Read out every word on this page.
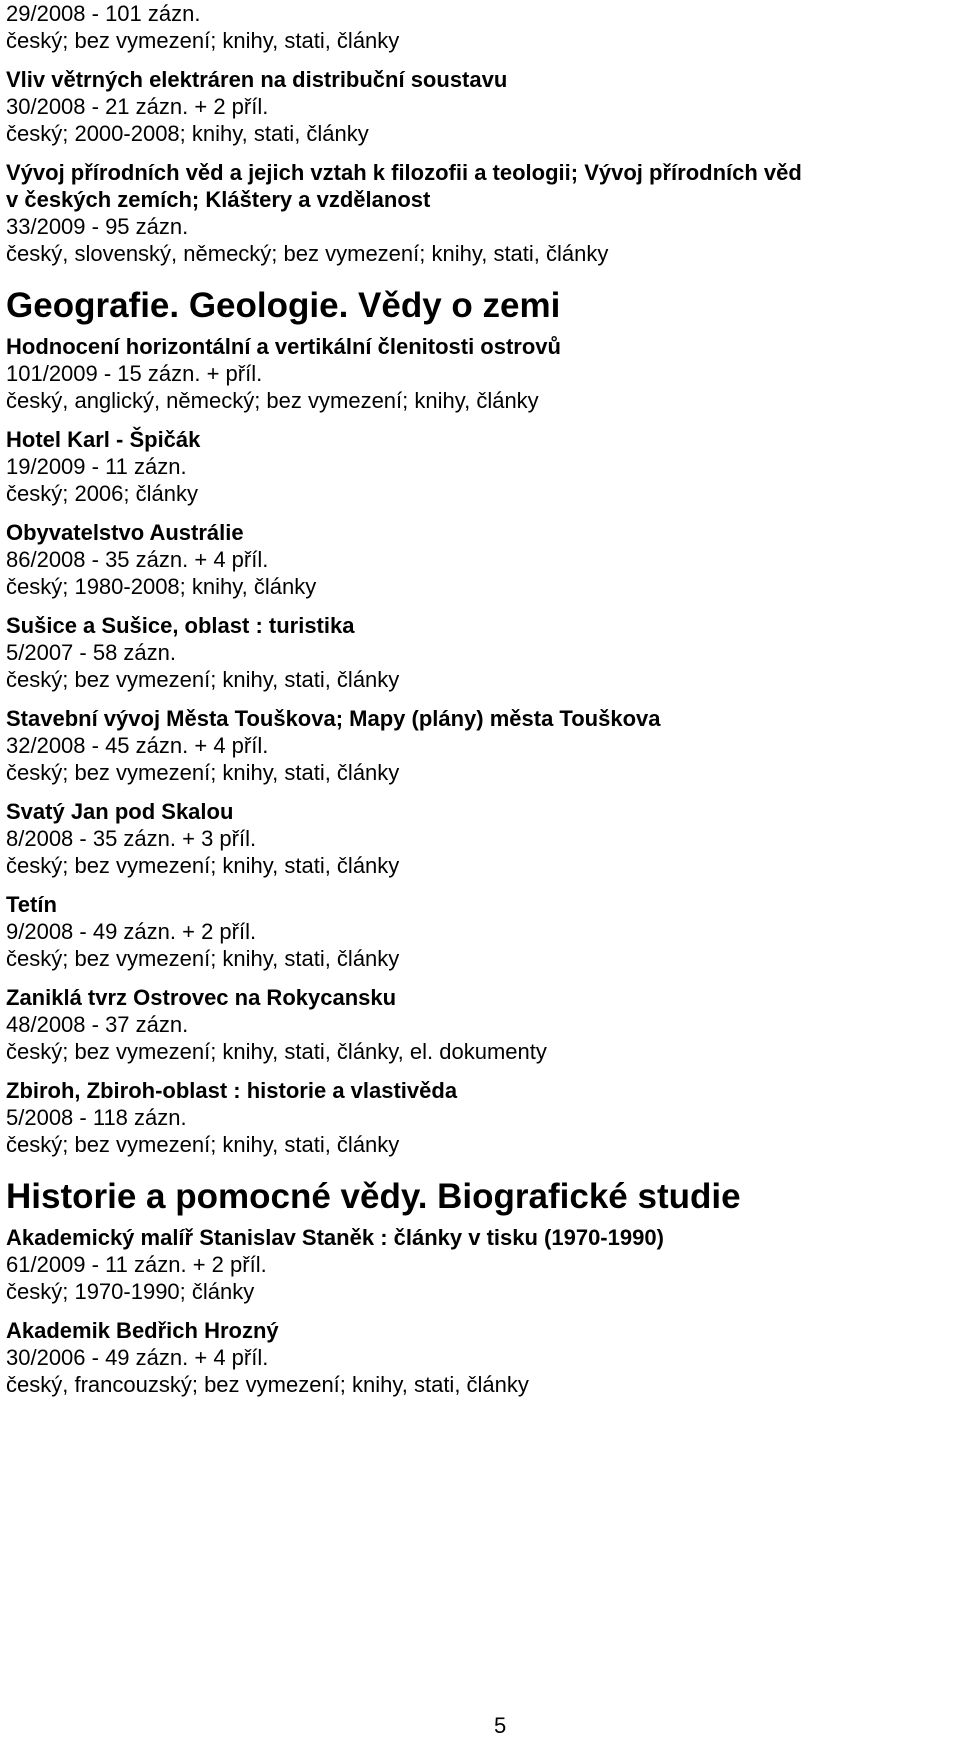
29/2008 - 101 zázn.
český; bez vymezení; knihy, stati, články
Vliv větrných elektráren na distribuční soustavu
30/2008 - 21 zázn. + 2 příl.
český; 2000-2008; knihy, stati, články
Vývoj přírodních věd a jejich vztah k filozofii a teologii; Vývoj přírodních věd
v českých zemích; Kláštery a vzdělanost
33/2009 - 95 zázn.
český, slovenský, německý; bez vymezení; knihy, stati, články
Geografie. Geologie. Vědy o zemi
Hodnocení horizontální a vertikální členitosti ostrovů
101/2009 - 15 zázn. + příl.
český, anglický, německý; bez vymezení; knihy, články
Hotel Karl - Špičák
19/2009 - 11 zázn.
český; 2006; články
Obyvatelstvo Austrálie
86/2008 - 35 zázn. + 4 příl.
český; 1980-2008; knihy, články
Sušice a Sušice, oblast : turistika
5/2007 - 58 zázn.
český; bez vymezení; knihy, stati, články
Stavební vývoj Města Touškova; Mapy (plány) města Touškova
32/2008 - 45 zázn. + 4 příl.
český; bez vymezení; knihy, stati, články
Svatý Jan pod Skalou
8/2008 - 35 zázn. + 3 příl.
český; bez vymezení; knihy, stati, články
Tetín
9/2008 - 49 zázn. + 2 příl.
český; bez vymezení; knihy, stati, články
Zaniklá tvrz Ostrovec na Rokycansku
48/2008 - 37 zázn.
český; bez vymezení; knihy, stati, články, el. dokumenty
Zbiroh, Zbiroh-oblast : historie a vlastivěda
5/2008 - 118 zázn.
český; bez vymezení; knihy, stati, články
Historie a pomocné vědy. Biografické studie
Akademický malíř Stanislav Staněk : články v tisku (1970-1990)
61/2009 - 11 zázn. + 2 příl.
český; 1970-1990; články
Akademik Bedřich Hrozný
30/2006 - 49 zázn. + 4 příl.
český, francouzský; bez vymezení; knihy, stati, články
5
